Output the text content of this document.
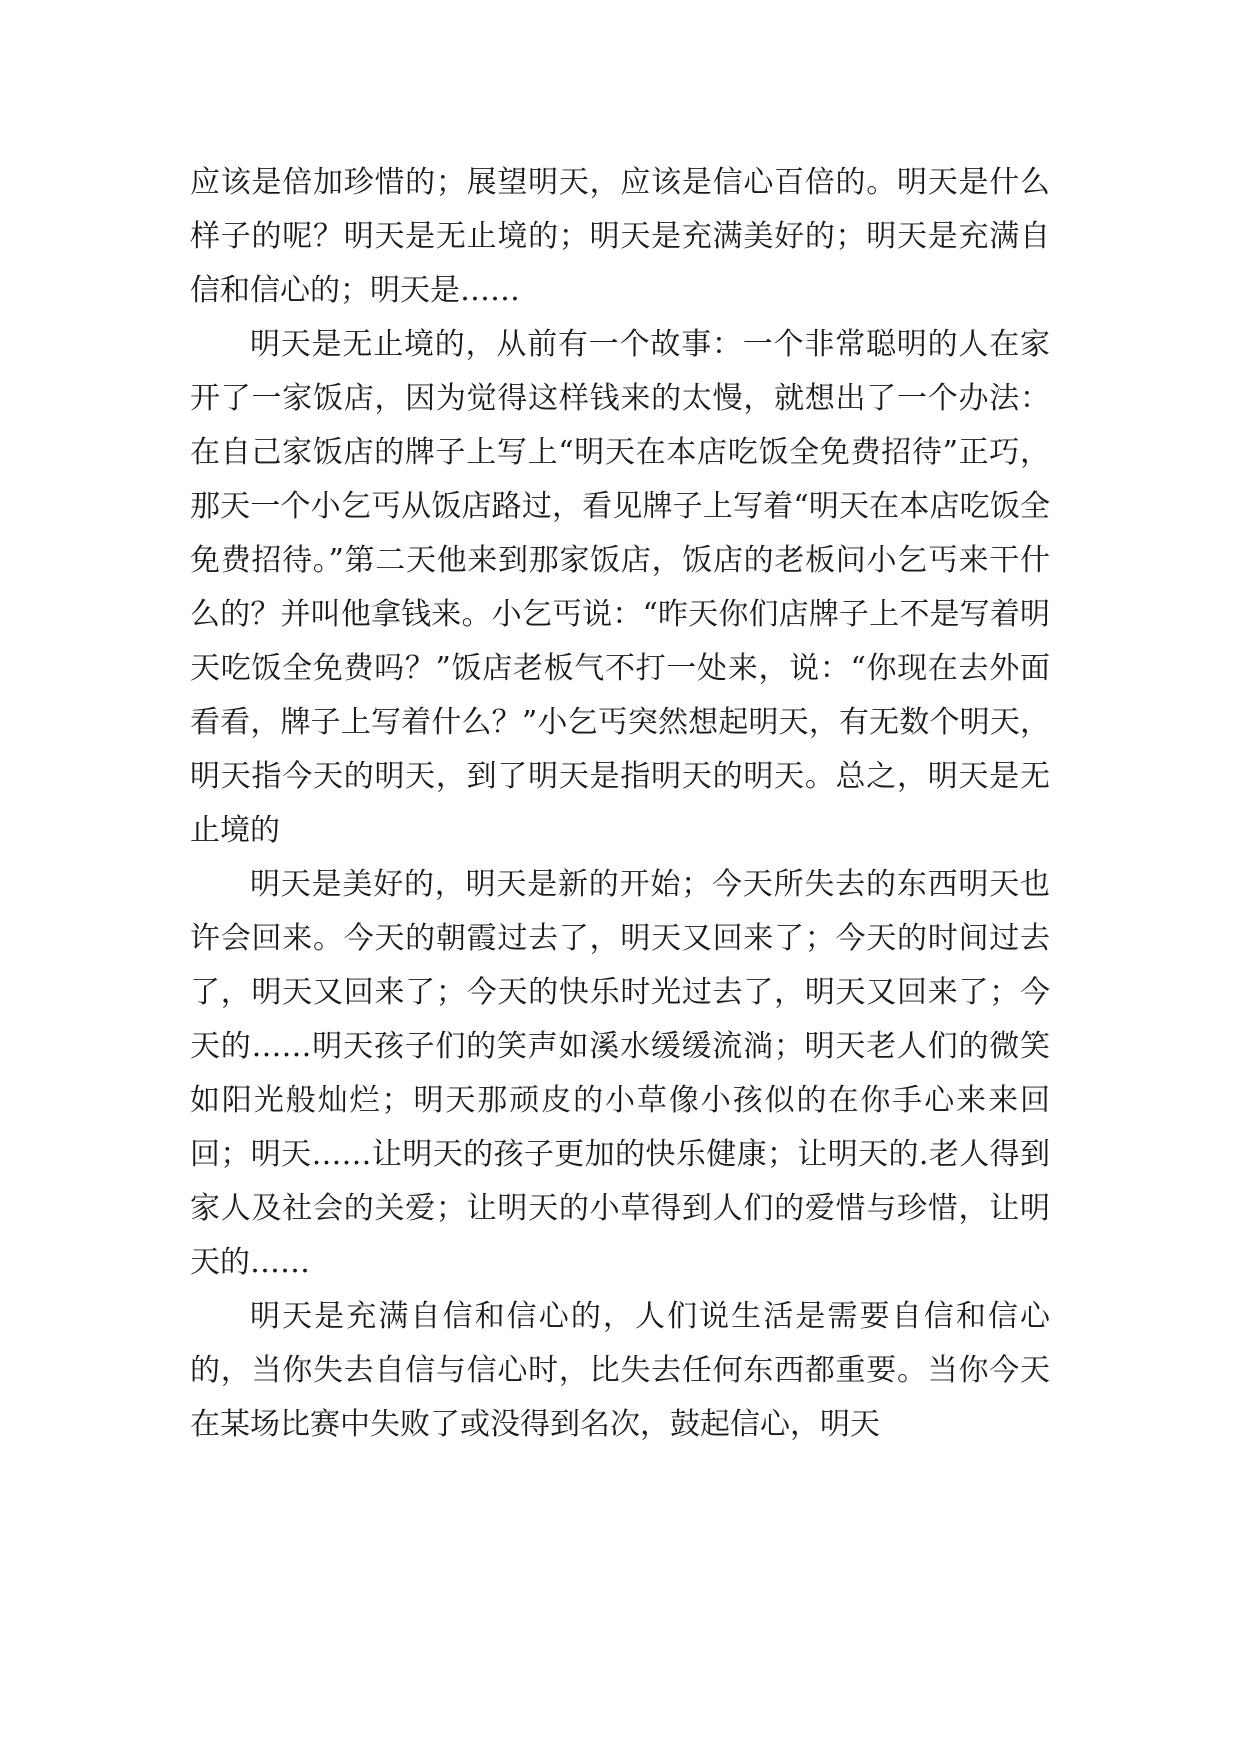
应该是倍加珍惜的；展望明天，应该是信心百倍的。明天是什么样子的呢？明天是无止境的；明天是充满美好的；明天是充满自信和信心的；明天是……

明天是无止境的，从前有一个故事：一个非常聪明的人在家开了一家饭店，因为觉得这样钱来的太慢，就想出了一个办法：在自己家饭店的牌子上写上“明天在本店吃饭全免费招待”正巧，那天一个小乞丐从饭店路过，看见牌子上写着“明天在本店吃饭全免费招待。”第二天他来到那家饭店，饭店的老板问小乞丐来干什么的？并叫他拿钱来。小乞丐说：“昨天你们店牌子上不是写着明天吃饭全免费吗？”饭店老板气不打一处来，说：“你现在去外面看看，牌子上写着什么？”小乞丐突然想起明天，有无数个明天，明天指今天的明天，到了明天是指明天的明天。总之，明天是无止境的

明天是美好的，明天是新的开始；今天所失去的东西明天也许会回来。今天的朝霞过去了，明天又回来了；今天的时间过去了，明天又回来了；今天的快乐时光过去了，明天又回来了；今天的……明天孩子们的笑声如溪水缓缓流淌；明天老人们的微笑如阳光般灿烂；明天那顽皮的小草像小孩似的在你手心来来回回；明天……让明天的孩子更加的快乐健康；让明天的.老人得到家人及社会的关爱；让明天的小草得到人们的爱惜与珍惜，让明天的……

明天是充满自信和信心的，人们说生活是需要自信和信心的，当你失去自信与信心时，比失去任何东西都重要。当你今天在某场比赛中失败了或没得到名次，鼓起信心，明天
